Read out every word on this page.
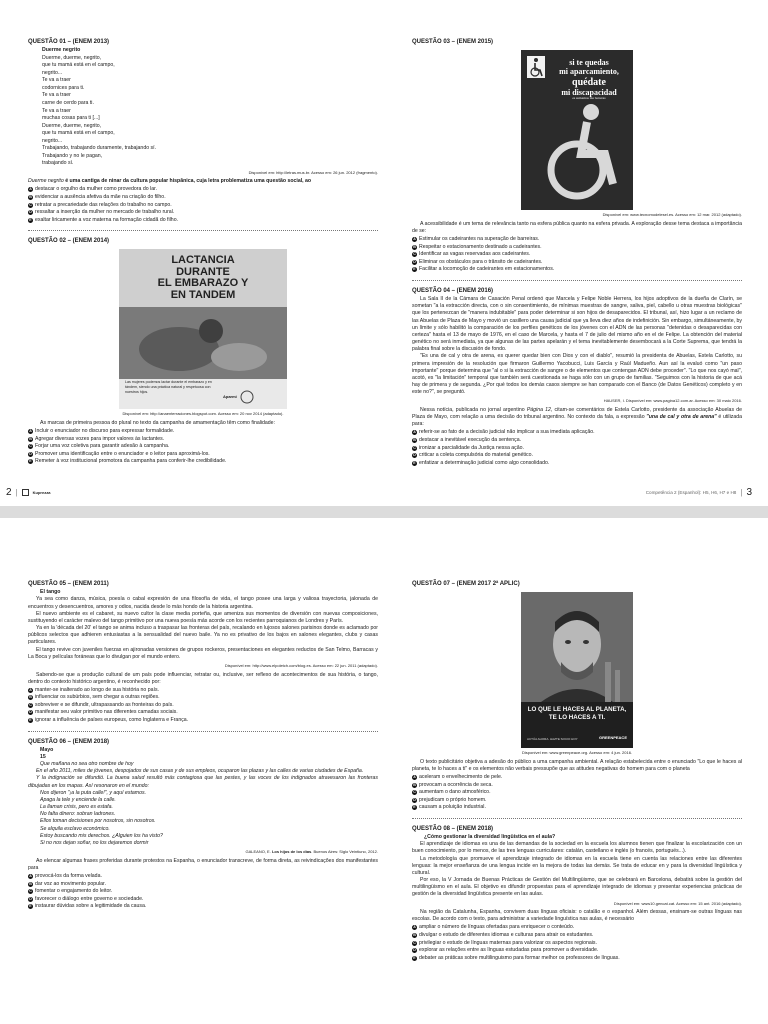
QUESTÃO 01 – (ENEM 2013)
Duerme negrito
Duerme, duerme, negrito,
que tu mamá está en el campo,
negrito...
Te va a traer
codornices para ti.
Te va a traer
carne de cerdo para ti.
Te va a traer
muchas cosas para ti [...]
Duerme, duerme, negrito,
que tu mamá está en el campo,
negrito...
Trabajando, trabajando duramente, trabajando sí.
Trabajando y no le pagan,
trabajando sí.
Disponível em: http://letras.mus.br. Acesso em: 26 jun. 2012 (fragmento).
Duerme negrito é uma cantiga de ninar da cultura popular hispânica, cuja letra problematiza uma questão social, ao
A destacar o orgulho da mulher como provedora do lar.
B evidenciar a ausência afetiva da mãe na criação do filho.
C retratar a precariedade das relações do trabalho no campo.
D ressaltar a inserção da mulher no mercado de trabalho rural.
E exaltar liricamente a voz materna na formação cidadã do filho.
QUESTÃO 02 – (ENEM 2014)
LACTANCIA
DURANTE
EL EMBARAZO Y
EN TANDEM
Las mujeres podemos lactar durante el embarazo y en tándem, siendo una práctica natural y respetuosa con nuestros hijos.
Aparmi
Disponível em: http://anaenterraciones.blogspot.com. Acesso em: 20 nov 2014 (adaptado).
As marcas de primeira pessoa do plural no texto da campanha de amamentação têm como finalidade:
A Incluir o enunciador no discurso para expressar formalidade.
B Agregar diversas vozes para impor valores às lactantes.
C Forjar uma voz coletiva para garantir adesão à campanha.
D Promover uma identificação entre o enunciador e o leitor para aproximá-los.
E Remeter à voz institucional promotora da campanha para conferir-lhe credibilidade.
QUESTÃO 03 – (ENEM 2015)
si te quedas
mi aparcamiento,
quédate
mi discapacidad
es sumamos ma barreras
Disponível em: www.tecnomodelesel.es. Acesso em: 12 mar. 2012 (adaptado).
A acessibilidade é um tema de relevância tanto na esfera pública quanto na esfera privada. A exploração desse tema destaca a importância de se:
A Estimular os cadeirantes na superação de barreiras.
B Respeitar o estacionamento destinado a cadeirantes.
C Identificar as vagas reservadas aos cadeirantes.
D Eliminar os obstáculos para o trânsito de cadeirantes.
E Facilitar a locomoção de cadeirantes em estacionamentos.
QUESTÃO 04 – (ENEM 2016)
La Sala II de la Cámara de Casación Penal ordenó que Marcela y Felipe Noble Herrera, los hijos adoptivos de la dueña de Clarín, se sometan "a la extracción directa, con o sin consentimiento, de mínimas muestras de sangre, saliva, piel, cabello u otras muestras biológicas" que los pertenezcan de "manera indubitable" para poder determinar si son hijos de desaparecidos. El tribunal, así, hizo lugar a un reclamo de las Abuelas de Plaza de Mayo y movió un casillero una causa judicial que ya lleva diez años de indefinición. Sin embargo, simultáneamente, by un límite y sólo habilitó la comparación de los perfiles genéticos de los jóvenes con el ADN de las personas "detenidas o desaparecidas con certeza" hasta el 13 de mayo de 1976, en el caso de Marcela, y hasta el 7 de julio del mismo año en el de Felipe. La obtención del material genético no será inmediata, ya que algunas de las partes apelarán y el tema inevitablemente desembocará a la Corte Suprema, que tendrá la palabra final sobre la discusión de fondo.
"Es una de cal y otra de arena, es querer quedar bien con Dios y con el diablo", resumió la presidenta de Abuelas, Estela Carlotto, su primera impresión de la resolución que firmaron Guillermo Yacobucci, Luis García y Raúl Madueño. Aun así la evaluó como "un paso importante" porque determina que "al o si la extracción de sangre o de elementos que contengan ADN debe proceder". "Lo que nos cayó mal", acotó, es "la limitación" temporal que también será cuestionada se haga sólo con un grupo de familias. "Seguimos con la historia de que acá hay de primera y de segunda. ¿Por qué todos los demás casos siempre se han comparado con el Banco (de Datos Genéticos) completo y en este no?", se preguntó.
HAUSER, I. Disponível em: www.pagina12.com.ar. Acesso em: 30 maio 2016.
Nessa notícia, publicada no jornal argentino Página 12, citam-se comentários de Estela Carlotto, presidente da associação Abuelas de Plaza de Mayo, com relação a uma decisão do tribunal argentino. No contexto da fala, a expressão "una de cal y otra de arena" é utilizada para:
A referir-se ao fato de a decisão judicial não implicar a sua imediata aplicação.
B destacar a inevitável execução da sentença.
C ironizar a parcialidade da Justiça nessa ação.
D criticar a coleta compulsória do material genético.
E enfatizar a determinação judicial como algo consolidado.
2 |	Kuprezza	Competência 2 (Espanhol): H5, H6, H7 e H8 | 3
QUESTÃO 05 – (ENEM 2011)
El tango
Ya sea como danza, música, poesía o cabal expresión de una filosofía de vida, el tango posee una larga y valiosa trayectoria, jalonada de encuentros y desencuentros, amores y odios, nacida desde lo más hondo de la historia argentina.
El nuevo ambiente es el cabaret, su nuevo cultor la clase media porteña, que ameniza sus momentos de diversión con nuevas composiciones, sustituyendo el carácter malevo del tango primitivo por una nueva poesía más acorde con los recientes parroquianos de Londres y París.
Ya en la 'década del 20' el tango se anima incluso a traspasar las fronteras del país, recalando en lujosos salones parisinos donde es aclamado por públicos selectos que adhieren entusiastas a la sensualidad del nuevo baile. Ya no es privativo de los bajos en salones elegantes, clubs y casas particulares.
El tango revive con juveniles fuerzas en ajironadas versiones de grupos rockeros, presentaciones en elegantes reductos de San Telmo, Barracas y La Boca y películas foráneas que lo divulgan por el mundo entero.
Disponível em: http://www.elpoletch.com/blog.es. Acesso em: 22 jun. 2011 (adaptado).
Sabendo-se que a produção cultural de um país pode influenciar, retratar ou, inclusive, ser reflexo de acontecimentos de sua história, o tango, dentro do contexto histórico argentino, é reconhecido por:
A manter-se inalterado ao longo de sua história no país.
B influenciar os subúrbios, sem chegar a outras regiões.
C sobreviver e se difundir, ultrapassando as fronteiras do país.
D manifestar seu valor primitivo nas diferentes camadas sociais.
E ignorar a influência de países europeus, como Inglaterra e França.
QUESTÃO 06 – (ENEM 2018)
Mayo
15
Que mañana no sea otro nombre de hoy
En el año 2011, miles de jóvenes, despojados de sus casas y de sus empleos, ocuparon las plazas y las calles de varias ciudades de España.
Y la indignación se difundió. La buena salud resultó más contagiosa que las pestes, y las voces de los indignados atravesaron las fronteras dibujadas en los mapas. Así resonaron en el mundo:
Nos dijeron "¡a la puta calle!", y aquí estamos.
Apaga la tele y enciende la calle.
La llaman crisis, pero es estafa.
No falta dinero: sobran ladrones.
Ellos toman decisiones por nosotros, sin nosotros.
Se alquila esclavo económico.
Estoy buscando mis derechos. ¿Alguien los ha visto?
Si no nos dejan soñar, no los dejaremos dormir
GALEANO, E. Los hijos de los días. Buenos Aires: Siglo Veintiuno, 2012.
Ao elencar algumas frases proferidas durante protestos na Espanha, o enunciador transcreve, de forma direta, as reivindicações dos manifestantes para
A provocá-los da forma velada.
B dar voz ao movimento popular.
C fomentar o engajamento do leitor.
D favorecer o diálogo entre governo e sociedade.
E instaurar dúvidas sobre a legitimidade da causa.
QUESTÃO 07 – (ENEM 2017 2ª APLIC)
LO QUE LE HACES AL PLANETA,
TE LO HACES A TI.
ACTÚA AHORA. HAZTE SOCIO HOY	GREENPEACE
Disponível em: www.greenpeace.org. Acesso em: 4 jun. 2016.
O texto publicitário objetiva a adesão do público a uma campanha ambiental. A relação estabelecida entre o enunciado "Lo que le haces al planeta, te lo haces a ti" e os elementos não verbais pressupõe que as atitudes negativas do homem para com o planeta
A aceleram o envelhecimento de pele.
B provocam a ocorrência de seca.
C aumentam o dano atmosférico.
D prejudicam o próprio homem.
E causam a poluição industrial.
QUESTÃO 08 – (ENEM 2018)
¿Cómo gestionar la diversidad lingüística en el aula?
El aprendizaje de idiomas es una de las demandas de la sociedad en la escuela los alumnos tienen que finalizar la escolarización con un buen conocimiento, por lo menos, de las tres lenguas curriculares: catalán, castellano e inglés (o francés, portugués...).
La metodología que promueve el aprendizaje integrado de idiomas en la escuela tiene en cuenta las relaciones entre las diferentes lenguas: la mejor enseñanza de una lengua incide en la mejora de todas las demás. Se trata de educar en y para la diversidad lingüística y cultural.
Por eso, la V Jornada de Buenas Prácticas de Gestión del Multilingüismo, que se celebrará en Barcelona, debatirá sobre la gestión del multilingüismo en el aula. El objetivo es difundir propuestas para el aprendizaje integrado de idiomas y presentar experiencias prácticas de gestión de la diversidad lingüística presente en las aulas.
Disponível em: www10.gencat.cat. Acesso em: 15 ant. 2016 (adaptado).
Na região da Catalunha, Espanha, convivem duas línguas oficiais: o catalão e o espanhol. Além dessas, ensinam-se outras línguas nas escolas. De acordo com o texto, para administrar a variedade linguística nas aulas, é necessário
A ampliar o número de línguas ofertadas para enriquecer o conteúdo.
B divulgar o estudo de diferentes idiomas e culturas para atrair os estudantes.
C privilegiar o estudo de línguas maternas para valorizar os aspectos regionais.
D explorar as relações entre as línguas estudadas para promover a diversidade.
E debater as práticas sobre multilinguismo para formar melhor os professores de línguas.
